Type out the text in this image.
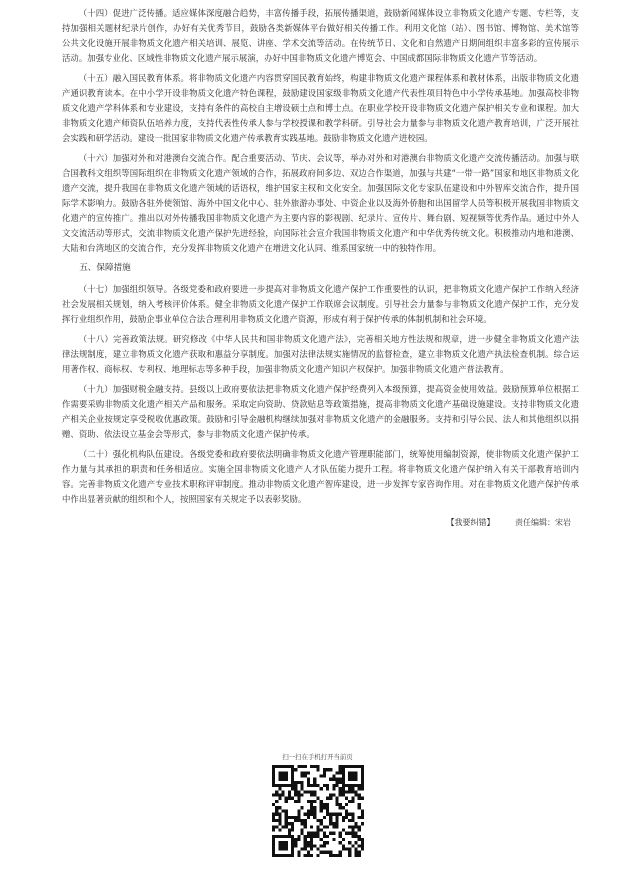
（十四）促进广泛传播。适应媒体深度融合趋势，丰富传播手段，拓展传播渠道，鼓励新闻媒体设立非物质文化遗产专题、专栏等，支持加强相关题材纪录片创作，办好有关优秀节目，鼓励各类新媒体平台做好相关传播工作。利用文化馆（站）、图书馆、博物馆、美术馆等公共文化设施开展非物质文化遗产相关培训、展览、讲座、学术交流等活动。在传统节日、文化和自然遗产日期间组织丰富多彩的宣传展示活动。加强专业化、区域性非物质文化遗产展示展演，办好中国非物质文化遗产博览会、中国成都国际非物质文化遗产节等活动。

（十五）融入国民教育体系。将非物质文化遗产内容贯穿国民教育始终，构建非物质文化遗产课程体系和教材体系，出版非物质文化遗产通识教育读本。在中小学开设非物质文化遗产特色课程，鼓励建设国家级非物质文化遗产代表性项目特色中小学传承基地。加强高校非物质文化遗产学科体系和专业建设，支持有条件的高校自主增设硕士点和博士点。在职业学校开设非物质文化遗产保护相关专业和课程。加大非物质文化遗产师资队伍培养力度，支持代表性传承人参与学校授课和教学科研。引导社会力量参与非物质文化遗产教育培训，广泛开展社会实践和研学活动。建设一批国家非物质文化遗产传承教育实践基地。鼓励非物质文化遗产进校园。

（十六）加强对外和对港澳台交流合作。配合重要活动、节庆、会议等，举办对外和对港澳台非物质文化遗产交流传播活动。加强与联合国教科文组织等国际组织在非物质文化遗产领域的合作，拓展政府间多边、双边合作渠道，加强与共建“一带一路”国家和地区非物质文化遗产交流，提升我国在非物质文化遗产领域的话语权，维护国家主权和文化安全。加强国际文化专家队伍建设和中外智库交流合作，提升国际学术影响力。鼓励各驻外使领馆、海外中国文化中心、驻外旅游办事处、中资企业以及海外侨胞和出国留学人员等积极开展我国非物质文化遗产的宣传推广。推出以对外传播我国非物质文化遗产为主要内容的影视剧、纪录片、宣传片、舞台剧、短视频等优秀作品。通过中外人文交流活动等形式，交流非物质文化遗产保护先进经验，向国际社会宣介我国非物质文化遗产和中华优秀传统文化。积极推动内地和港澳、大陆和台湾地区的交流合作，充分发挥非物质文化遗产在增进文化认同、维系国家统一中的独特作用。

五、保障措施

（十七）加强组织领导。各级党委和政府要进一步提高对非物质文化遗产保护工作重要性的认识，把非物质文化遗产保护工作纳入经济社会发展相关规划，纳入考核评价体系。健全非物质文化遗产保护工作联席会议制度。引导社会力量参与非物质文化遗产保护工作，充分发挥行业组织作用，鼓励企事业单位合法合理利用非物质文化遗产资源，形成有利于保护传承的体制机制和社会环境。

（十八）完善政策法规。研究修改《中华人民共和国非物质文化遗产法》，完善相关地方性法规和规章，进一步健全非物质文化遗产法律法规制度，建立非物质文化遗产获取和惠益分享制度。加强对法律法规实施情况的监督检查，建立非物质文化遗产执法检查机制。综合运用著作权、商标权、专利权、地理标志等多种手段，加强非物质文化遗产知识产权保护。加强非物质文化遗产普法教育。

（十九）加强财税金融支持。县级以上政府要依法把非物质文化遗产保护经费列入本级预算，提高资金使用效益。鼓励预算单位根据工作需要采购非物质文化遗产相关产品和服务。采取定向资助、贷款贴息等政策措施，提高非物质文化遗产基础设施建设。支持非物质文化遗产相关企业按规定享受税收优惠政策。鼓励和引导金融机构继续加强对非物质文化遗产的金融服务。支持和引导公民、法人和其他组织以捐赠、资助、依法设立基金会等形式，参与非物质文化遗产保护传承。

（二十）强化机构队伍建设。各级党委和政府要依法明确非物质文化遗产管理职能部门，统筹使用编制资源，使非物质文化遗产保护工作力量与其承担的职责和任务相适应。实施全国非物质文化遗产人才队伍能力提升工程。将非物质文化遗产保护纳入有关干部教育培训内容。完善非物质文化遗产专业技术职称评审制度。推动非物质文化遗产智库建设，进一步发挥专家咨询作用。对在非物质文化遗产保护传承中作出显著贡献的组织和个人，按照国家有关规定予以表彰奖励。

【我要纠错】	责任编辑：宋岩
扫一扫在手机打开当前页
